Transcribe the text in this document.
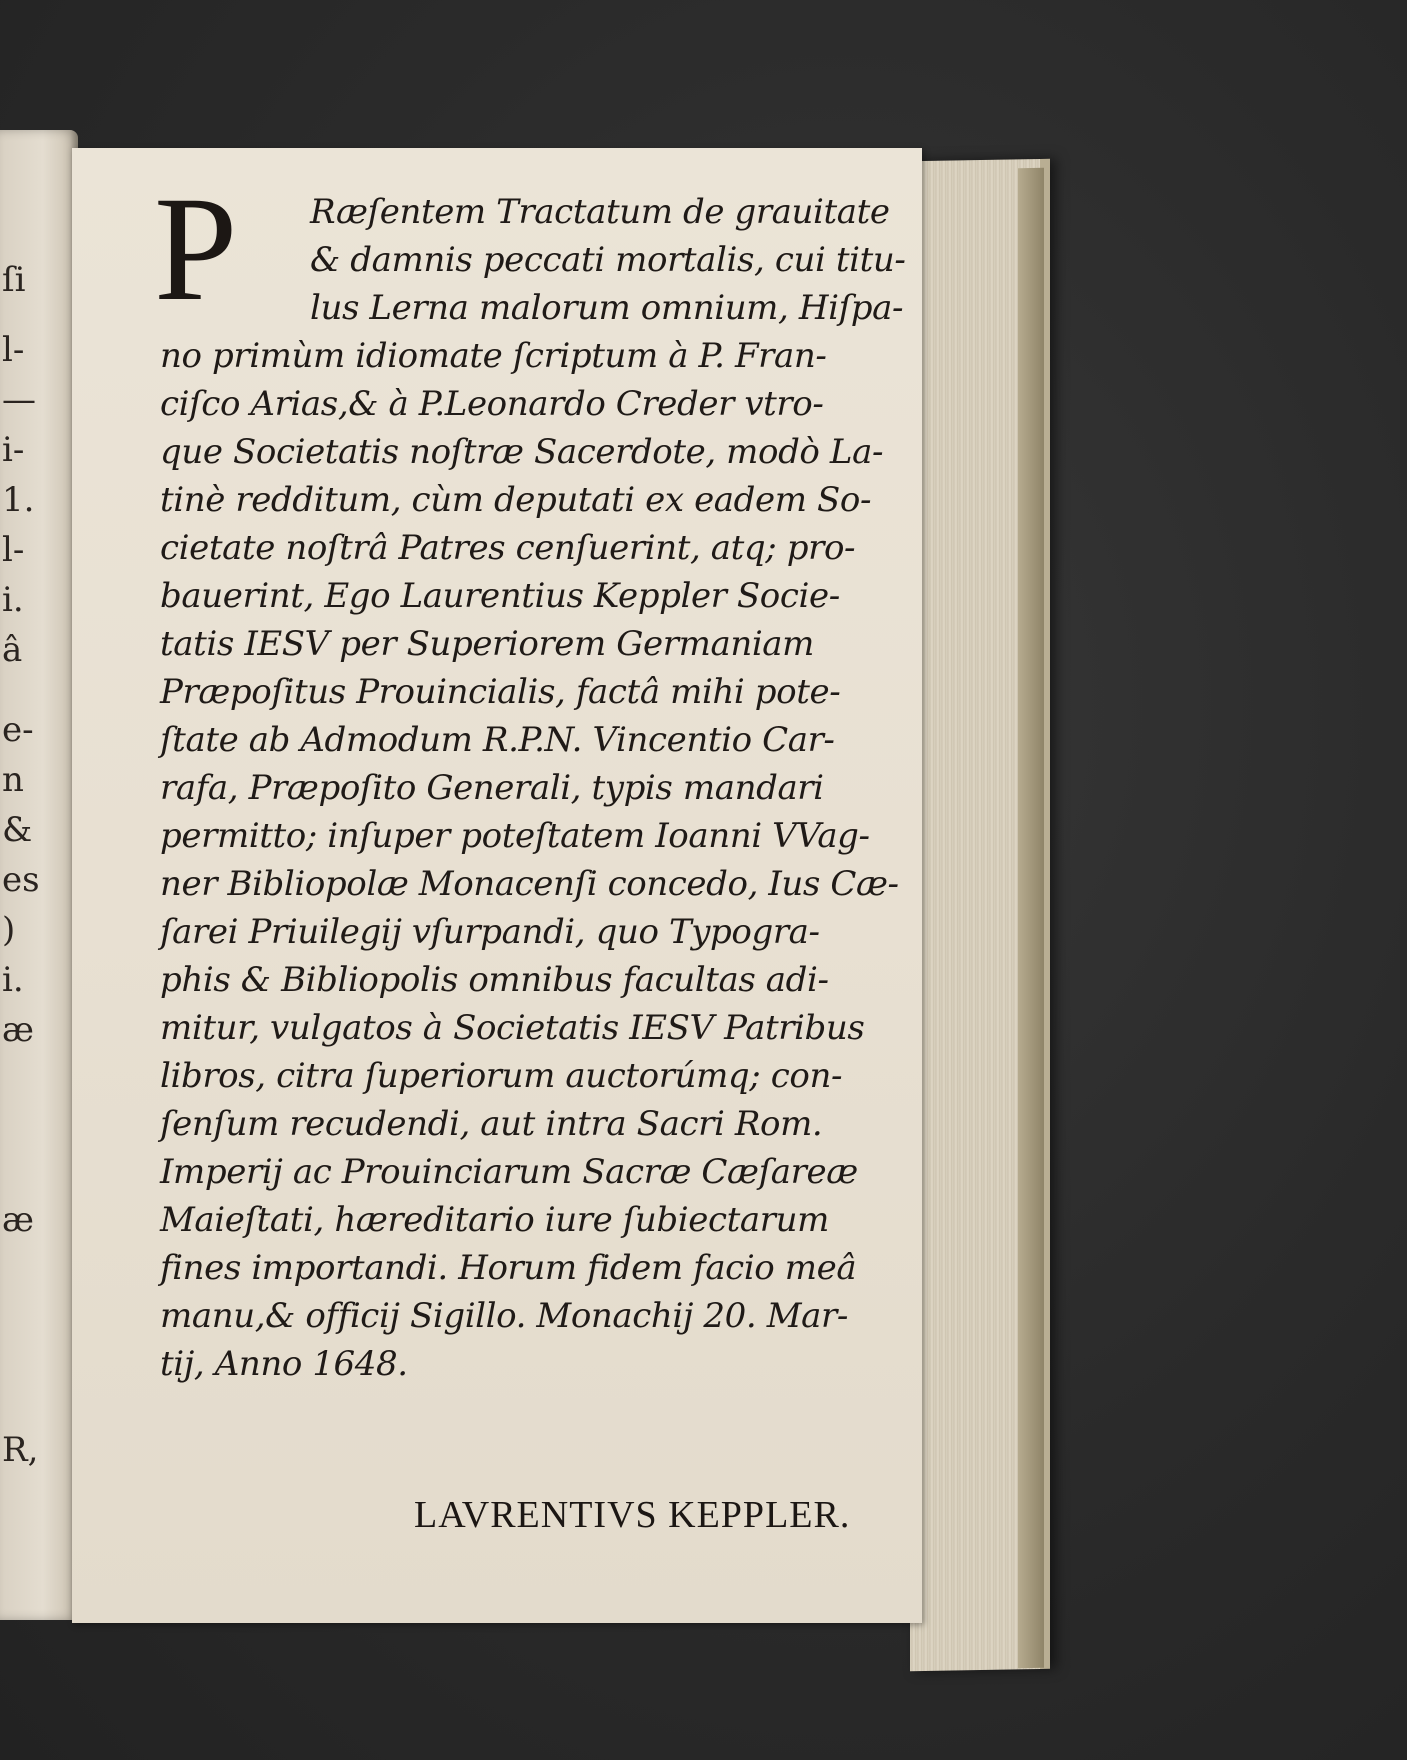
ſi
l-
—
i-
1.
l-
i.
â
e-
n
&
es
)
i.
æ
æ
R,
P Ræſentem Tractatum de grauitate
& damnis peccati mortalis, cui titu-
lus Lerna malorum omnium, Hiſpa-
no primùm idiomate ſcriptum à P. Fran-
ciſco Arias,& à P.Leonardo Creder vtro-
que Societatis noſtræ Sacerdote, modò La-
tinè redditum, cùm deputati ex eadem So-
cietate noſtrâ Patres cenſuerint, atq; pro-
bauerint, Ego Laurentius Keppler Socie-
tatis IESV per Superiorem Germaniam
Præpoſitus Prouincialis, factâ mihi pote-
ſtate ab Admodum R.P.N. Vincentio Car-
rafa, Præpoſito Generali, typis mandari
permitto; inſuper poteſtatem Ioanni VVag-
ner Bibliopolæ Monacenſi concedo, Ius Cæ-
ſarei Priuilegij vſurpandi, quo Typogra-
phis & Bibliopolis omnibus facultas adi-
mitur, vulgatos à Societatis IESV Patribus
libros, citra ſuperiorum auctorúmq; con-
ſenſum recudendi, aut intra Sacri Rom.
Imperij ac Prouinciarum Sacræ Cæſareæ
Maieſtati, hæreditario iure ſubiectarum
fines importandi. Horum fidem facio meâ
manu,& officij Sigillo. Monachij 20. Mar-
tij, Anno 1648.
LAVRENTIVS KEPPLER.
